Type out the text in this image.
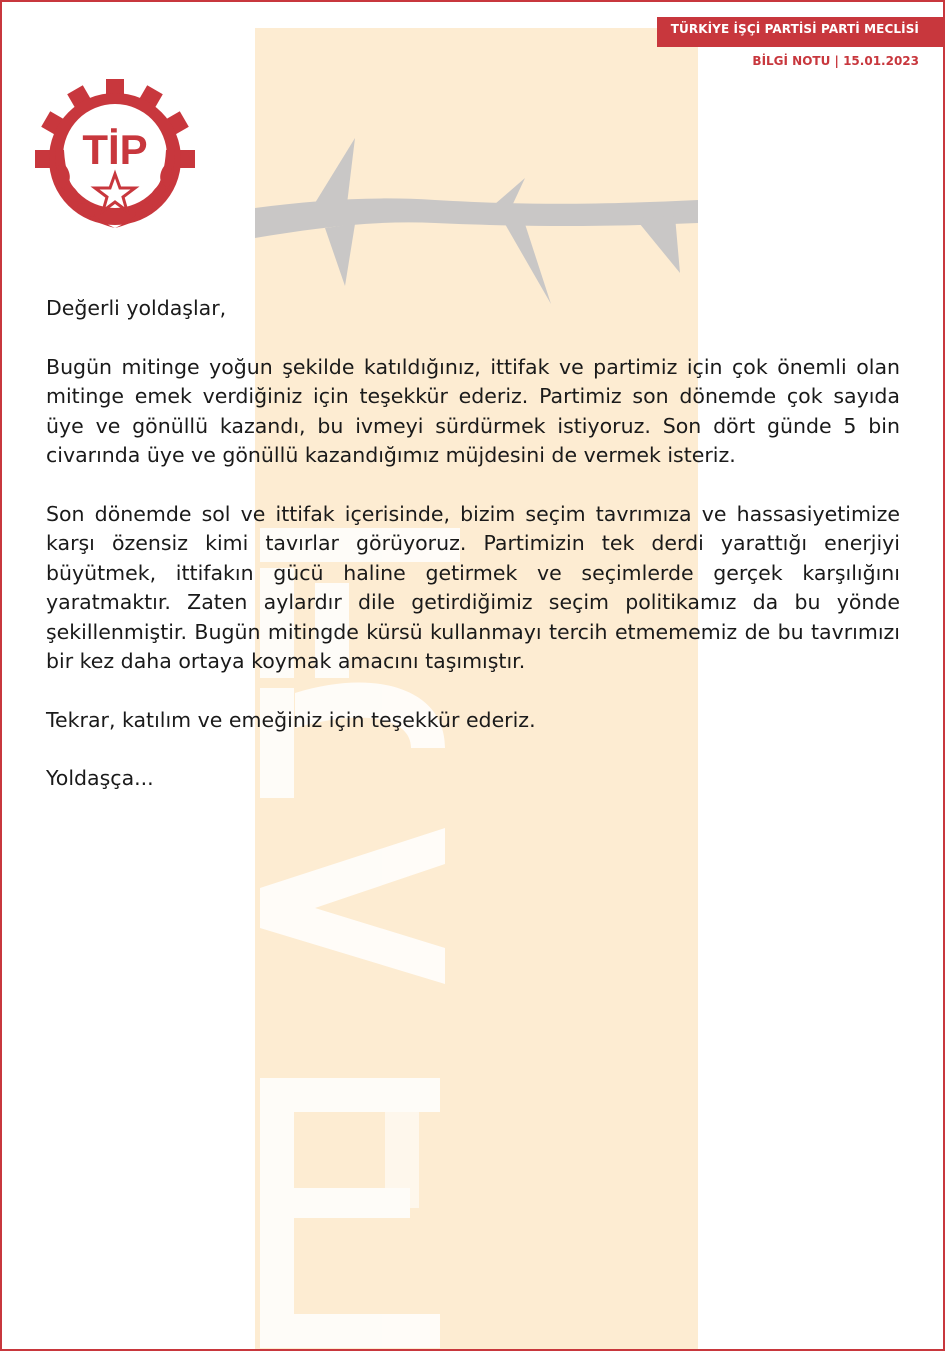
TÜRKİYE İŞÇİ PARTİSİ PARTİ MECLİSİ
BİLGİ NOTU | 15.01.2023
TİP

Değerli yoldaşlar,

Bugün mitinge yoğun şekilde katıldığınız, ittifak ve partimiz için çok önemli olan mitinge emek verdiğiniz için teşekkür ederiz. Partimiz son dönemde çok sayıda üye ve gönüllü kazandı, bu ivmeyi sürdürmek istiyoruz. Son dört günde 5 bin civarında üye ve gönüllü kazandığımız müjdesini de vermek isteriz.

Son dönemde sol ve ittifak içerisinde, bizim seçim tavrımıza ve hassasiyetimize karşı özensiz kimi tavırlar görüyoruz. Partimizin tek derdi yarattığı enerjiyi büyütmek, ittifakın gücü haline getirmek ve seçimlerde gerçek karşılığını yaratmaktır. Zaten aylardır dile getirdiğimiz seçim politikamız da bu yönde şekillenmiştir. Bugün mitingde kürsü kullanmayı tercih etmememiz de bu tavrımızı bir kez daha ortaya koymak amacını taşımıştır.

Tekrar, katılım ve emeğiniz için teşekkür ederiz.

Yoldaşça...
